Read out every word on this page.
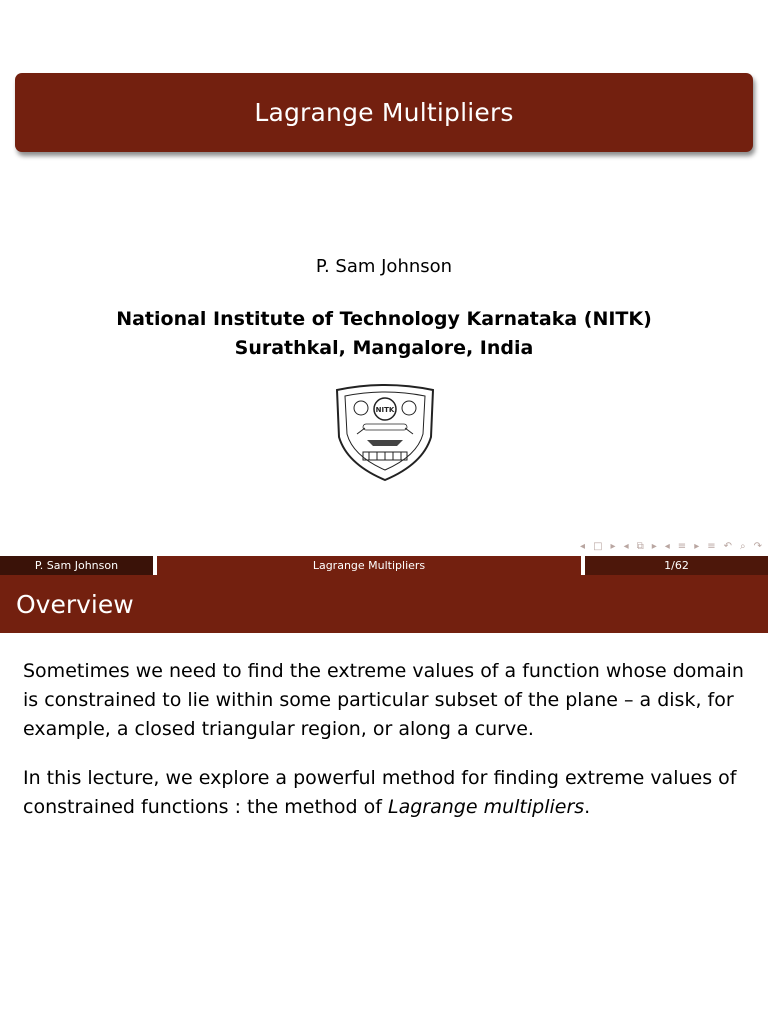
Lagrange Multipliers
P. Sam Johnson
National Institute of Technology Karnataka (NITK)
Surathkal, Mangalore, India
NITK
◂ □ ▸ ◂ ⧉ ▸ ◂ ≡ ▸ ≡ ↶ ⌕ ↷
P. Sam Johnson	Lagrange Multipliers	1/62
Overview

Sometimes we need to find the extreme values of a function whose domain is constrained to lie within some particular subset of the plane – a disk, for example, a closed triangular region, or along a curve.

In this lecture, we explore a powerful method for finding extreme values of constrained functions : the method of Lagrange multipliers.
